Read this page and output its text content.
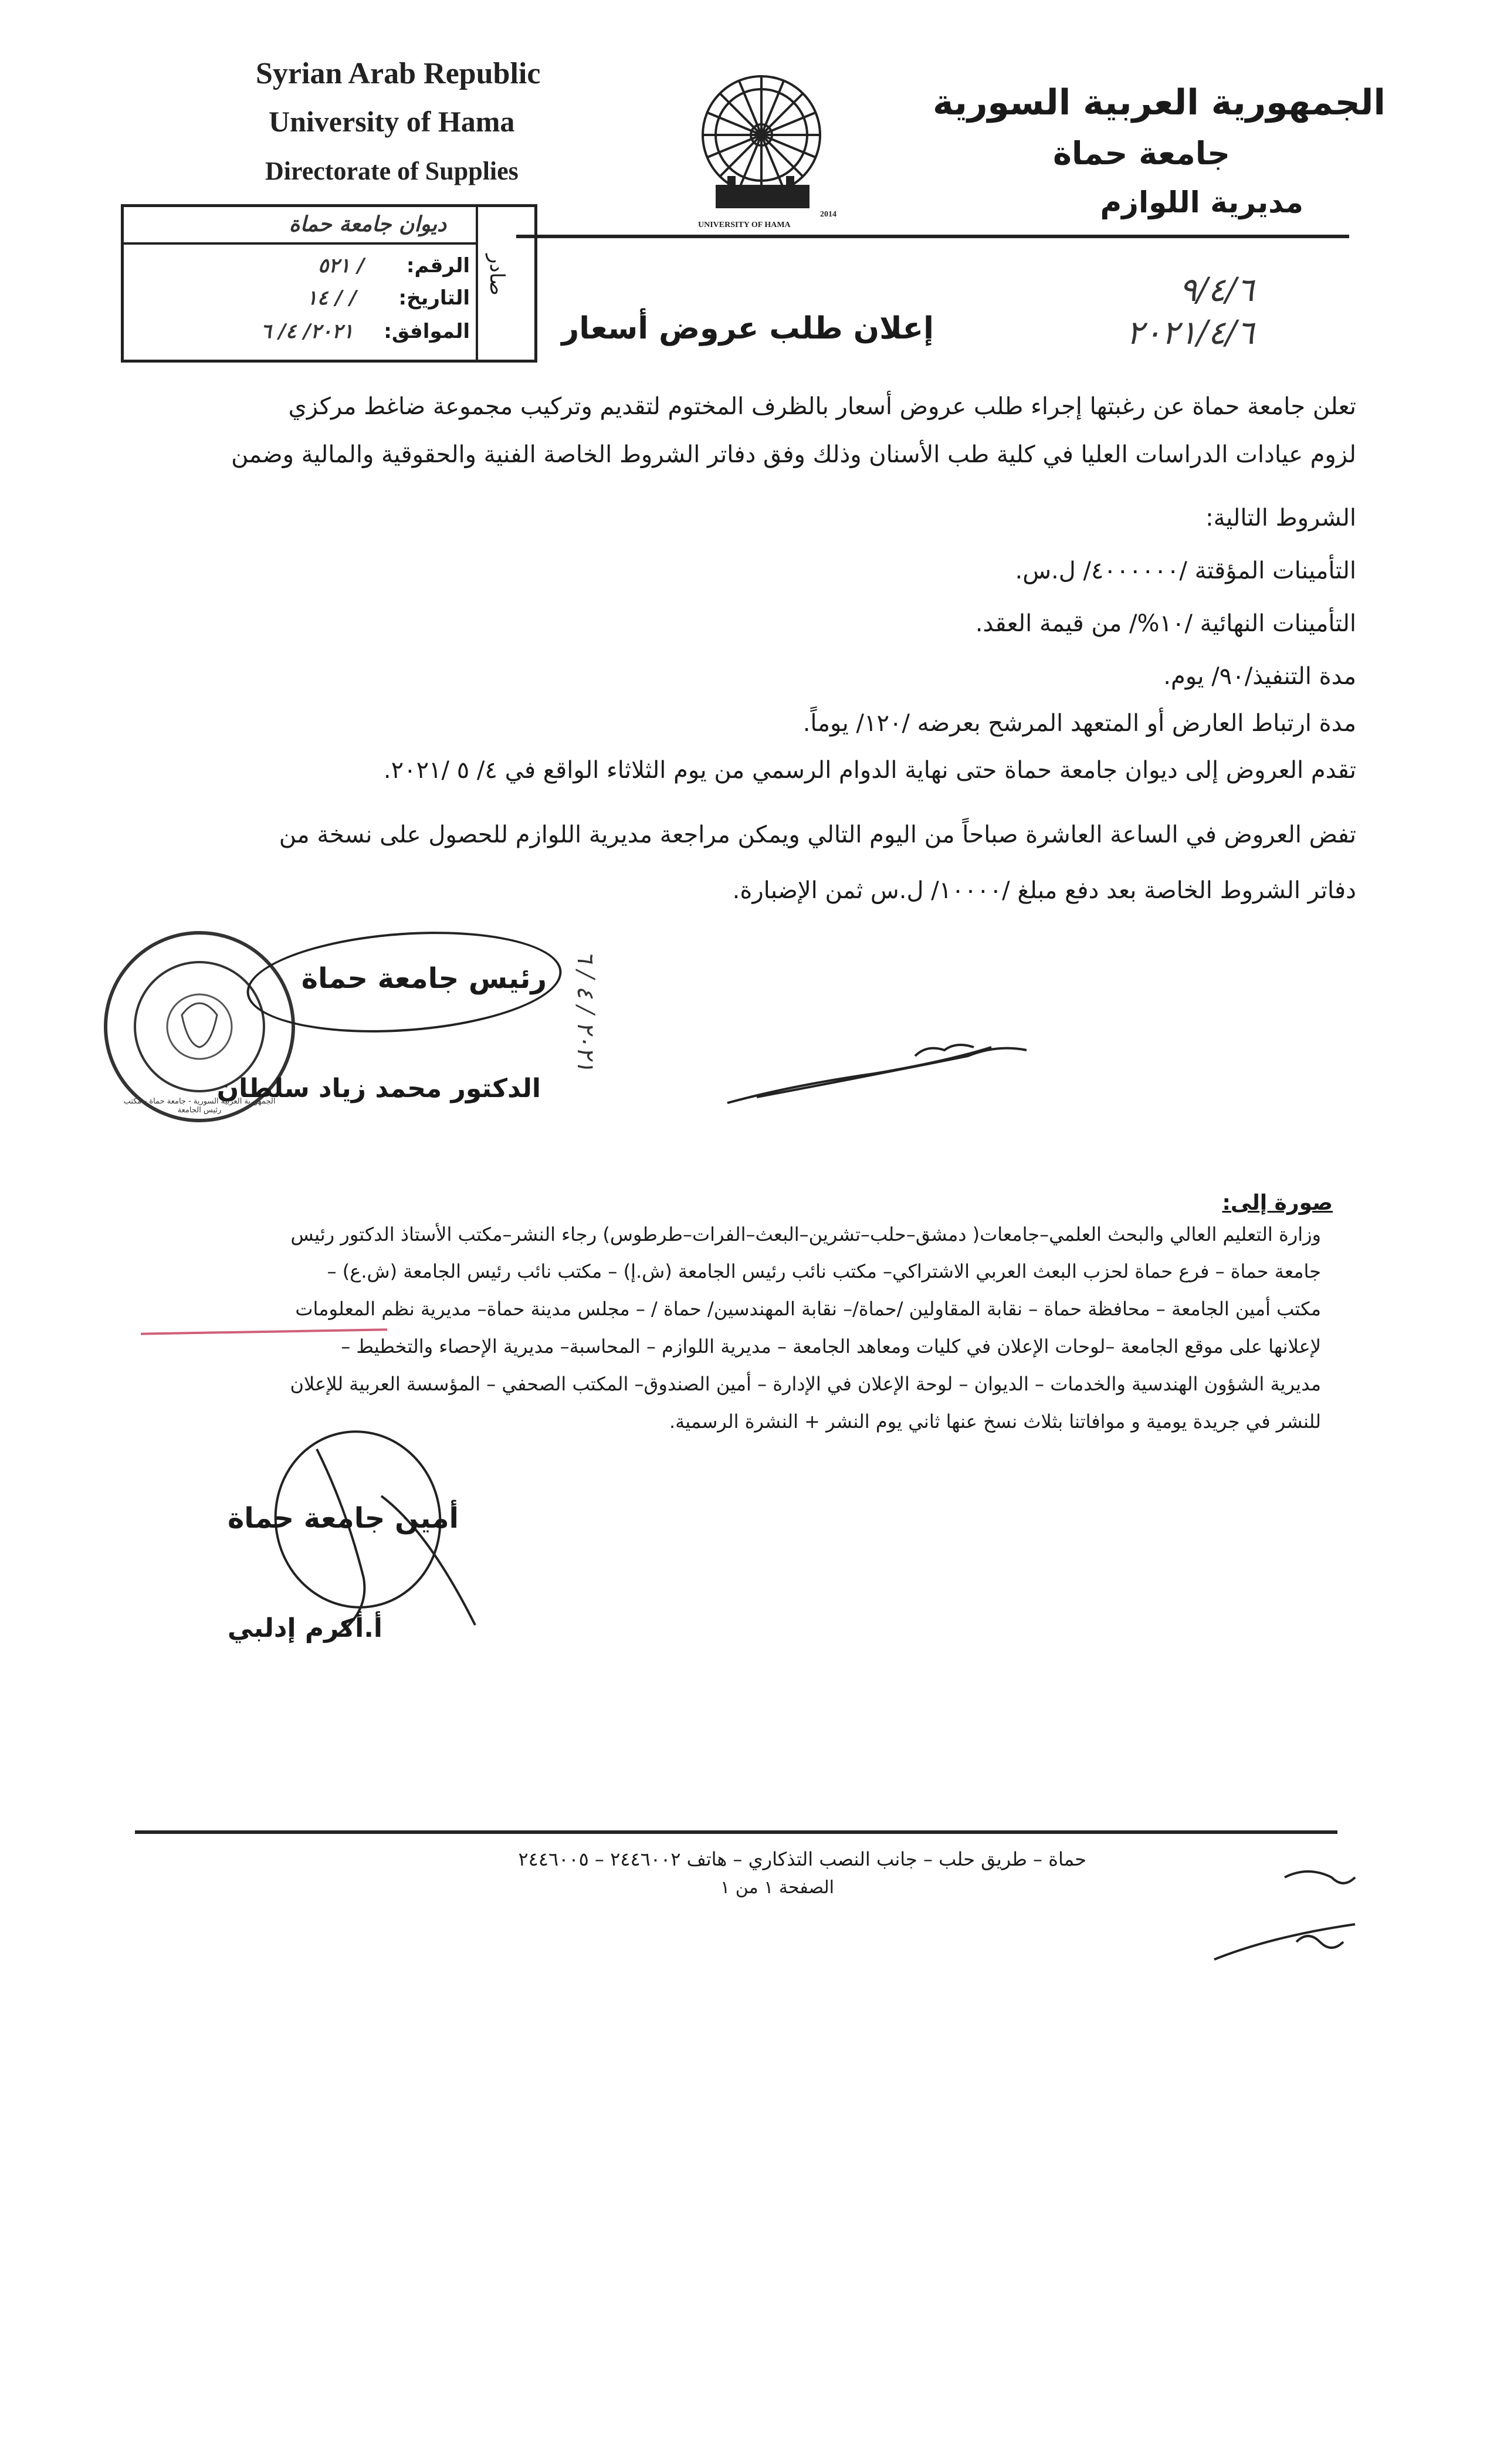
Syrian Arab Republic
University of Hama
Directorate of Supplies
الجمهورية العربية السورية
جامعة حماة
مديرية اللوازم
UNIVERSITY OF HAMA
2014
ديوان جامعة حماة
صادر
الرقم: / ٥٢١
التاريخ: / / ١٤
الموافق: ٢٠٢١/ ٤/ ٦
٩/٤/٦
٢٠٢١/٤/٦
إعلان طلب عروض أسعار
تعلن جامعة حماة عن رغبتها إجراء طلب عروض أسعار بالظرف المختوم لتقديم وتركيب مجموعة ضاغط مركزي
لزوم عيادات الدراسات العليا في كلية طب الأسنان وذلك وفق دفاتر الشروط الخاصة الفنية والحقوقية والمالية وضمن
الشروط التالية:
التأمينات المؤقتة /٤٠٠٠٠٠٠/ ل.س.
التأمينات النهائية /١٠%/ من قيمة العقد.
مدة التنفيذ/٩٠/ يوم.
مدة ارتباط العارض أو المتعهد المرشح بعرضه /١٢٠/ يوماً.
تقدم العروض إلى ديوان جامعة حماة حتى نهاية الدوام الرسمي من يوم الثلاثاء الواقع في ٤/ ٥ /٢٠٢١.
تفض العروض في الساعة العاشرة صباحاً من اليوم التالي ويمكن مراجعة مديرية اللوازم للحصول على نسخة من
دفاتر الشروط الخاصة بعد دفع مبلغ /١٠٠٠٠/ ل.س ثمن الإضبارة.
الجمهورية العربية السورية - جامعة حماة - مكتب رئيس الجامعة
رئيس جامعة حماة
الدكتور محمد زياد سلطان
٢٠٢١ / ٤ / ٦
صورة إلى:
وزارة التعليم العالي والبحث العلمي–جامعات( دمشق–حلب–تشرين–البعث–الفرات–طرطوس) رجاء النشر–مكتب الأستاذ الدكتور رئيس
جامعة حماة – فرع حماة لحزب البعث العربي الاشتراكي– مكتب نائب رئيس الجامعة (ش.إ) – مكتب نائب رئيس الجامعة (ش.ع) –
مكتب أمين الجامعة – محافظة حماة – نقابة المقاولين /حماة/– نقابة المهندسين/ حماة / – مجلس مدينة حماة– مديرية نظم المعلومات
لإعلانها على موقع الجامعة –لوحات الإعلان في كليات ومعاهد الجامعة – مديرية اللوازم – المحاسبة– مديرية الإحصاء والتخطيط –
مديرية الشؤون الهندسية والخدمات – الديوان – لوحة الإعلان في الإدارة – أمين الصندوق– المكتب الصحفي – المؤسسة العربية للإعلان
للنشر في جريدة يومية و موافاتنا بثلاث نسخ عنها ثاني يوم النشر + النشرة الرسمية.
أمين جامعة حماة
أ.أكرم إدلبي
حماة – طريق حلب – جانب النصب التذكاري – هاتف ٢٤٤٦٠٠٢ – ٢٤٤٦٠٠٥
الصفحة ١ من ١
